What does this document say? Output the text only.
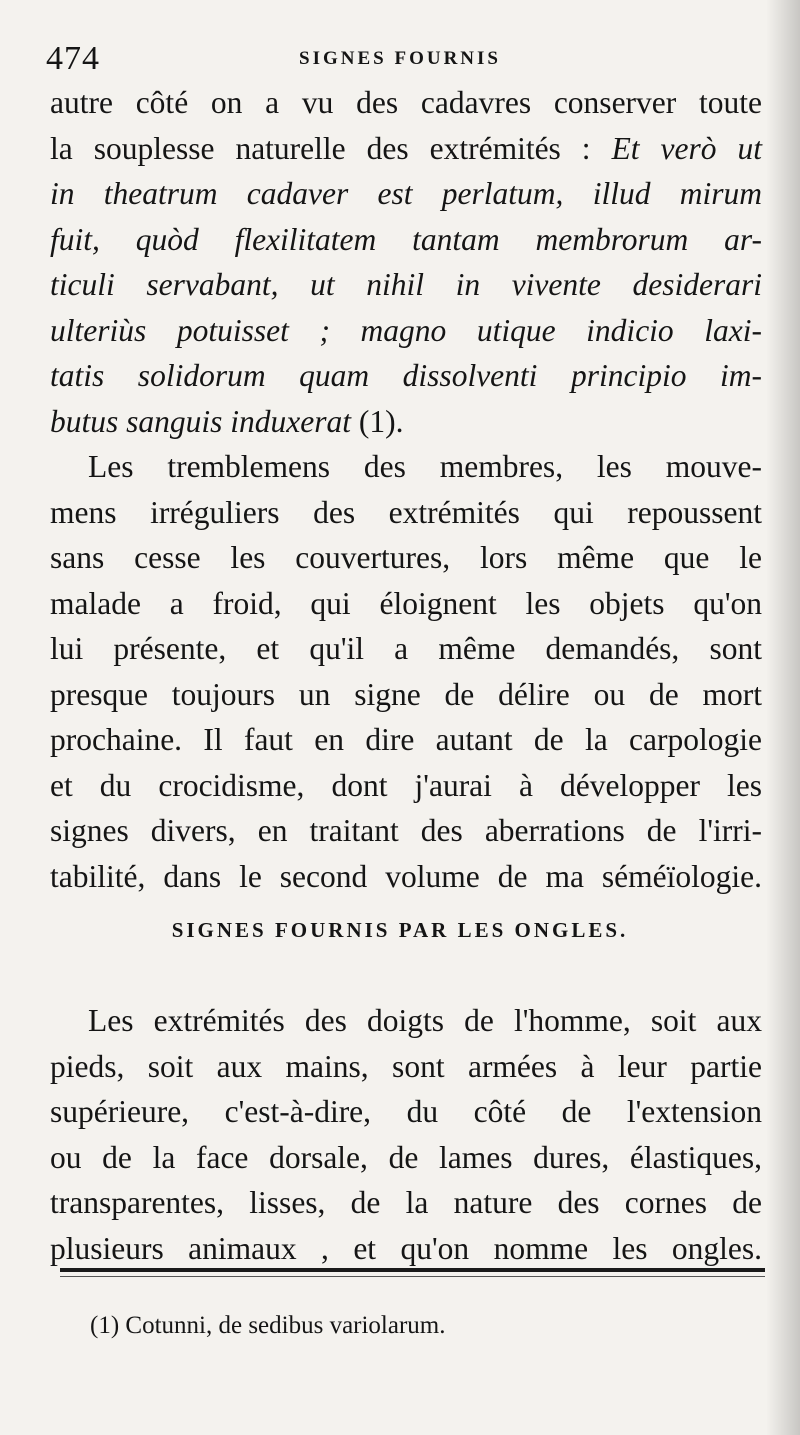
474	SIGNES FOURNIS
autre côté on a vu des cadavres conserver toute
la souplesse naturelle des extrémités : Et verò ut
in theatrum cadaver est perlatum, illud mirum
fuit, quòd flexilitatem tantam membrorum ar-
ticuli servabant, ut nihil in vivente desiderari
ulteriùs potuisset ; magno utique indicio laxi-
tatis solidorum quam dissolventi principio im-
butus sanguis induxerat (1).
Les tremblemens des membres, les mouve-
mens irréguliers des extrémités qui repoussent
sans cesse les couvertures, lors même que le
malade a froid, qui éloignent les objets qu'on
lui présente, et qu'il a même demandés, sont
presque toujours un signe de délire ou de mort
prochaine. Il faut en dire autant de la carpologie
et du crocidisme, dont j'aurai à développer les
signes divers, en traitant des aberrations de l'irri-
tabilité, dans le second volume de ma séméïologie.
SIGNES FOURNIS PAR LES ONGLES.
Les extrémités des doigts de l'homme, soit aux
pieds, soit aux mains, sont armées à leur partie
supérieure, c'est-à-dire, du côté de l'extension
ou de la face dorsale, de lames dures, élastiques,
transparentes, lisses, de la nature des cornes de
plusieurs animaux , et qu'on nomme les ongles.
(1) Cotunni, de sedibus variolarum.
